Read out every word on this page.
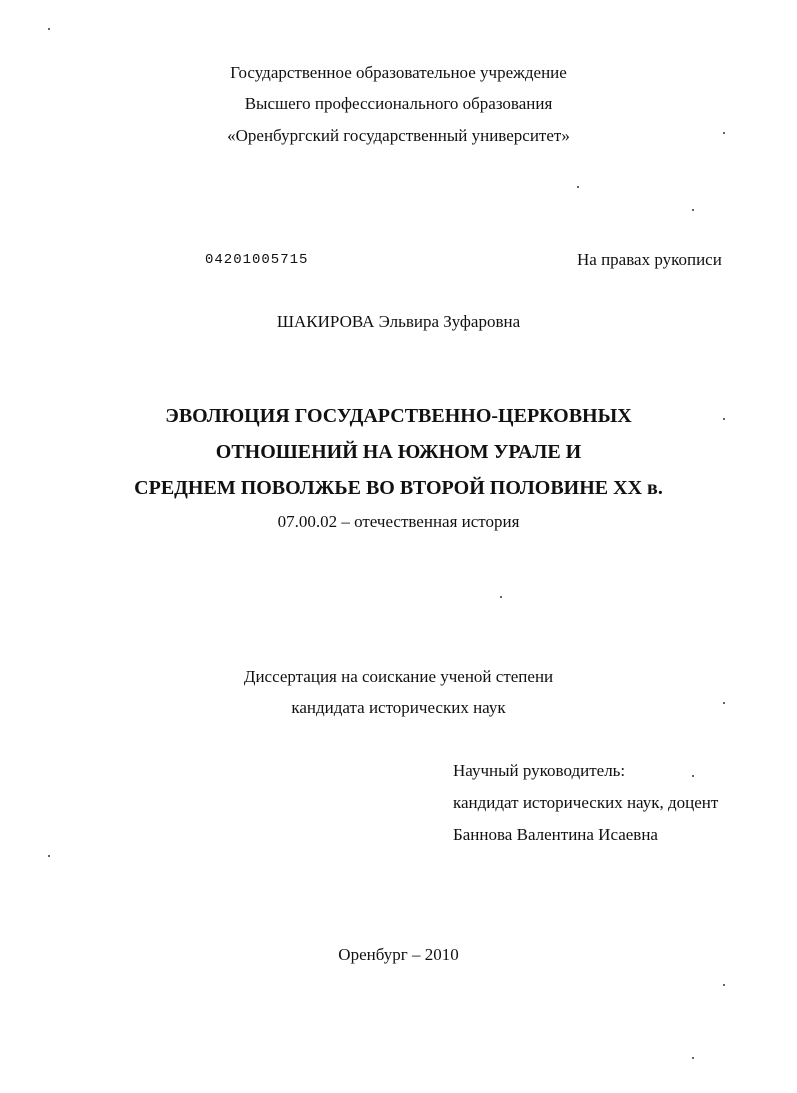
Государственное образовательное учреждение
Высшего профессионального образования
«Оренбургский государственный университет»
04201005715	На правах рукописи
ШАКИРОВА Эльвира Зуфаровна
ЭВОЛЮЦИЯ ГОСУДАРСТВЕННО-ЦЕРКОВНЫХ
ОТНОШЕНИЙ НА ЮЖНОМ УРАЛЕ И
СРЕДНЕМ ПОВОЛЖЬЕ ВО ВТОРОЙ ПОЛОВИНЕ XX в.
07.00.02 – отечественная история
Диссертация на соискание ученой степени
кандидата исторических наук
Научный руководитель:
кандидат исторических наук, доцент
Баннова Валентина Исаевна
Оренбург – 2010
